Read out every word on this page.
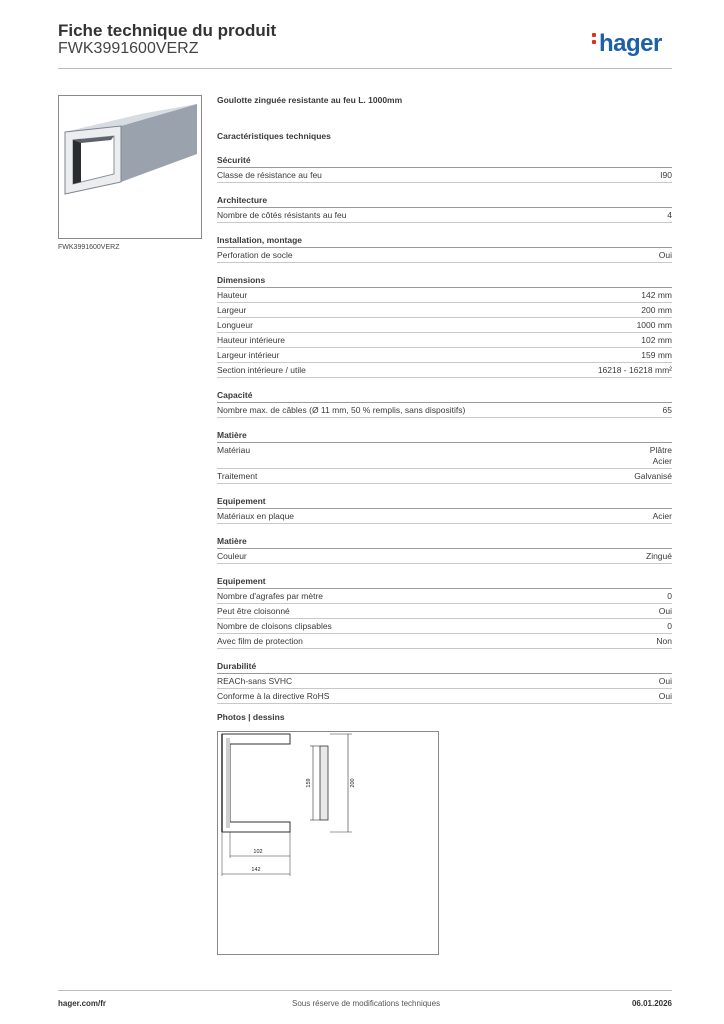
Fiche technique du produit
FWK3991600VERZ	hager
FWK3991600VERZ
Goulotte zinguée resistante au feu L. 1000mm
Caractéristiques techniques
Sécurité
Classe de résistance au feu	I90
Architecture
Nombre de côtés résistants au feu	4
Installation, montage
Perforation de socle	Oui
Dimensions
Hauteur	142 mm
Largeur	200 mm
Longueur	1000 mm
Hauteur intérieure	102 mm
Largeur intérieur	159 mm
Section intérieure / utile	16218 - 16218 mm²
Capacité
Nombre max. de câbles (Ø 11 mm, 50 % remplis, sans dispositifs)	65
Matière
Matériau	Plâtre
Acier
Traitement	Galvanisé
Equipement
Matériaux en plaque	Acier
Matière
Couleur	Zingué
Equipement
Nombre d'agrafes par mètre	0
Peut être cloisonné	Oui
Nombre de cloisons clipsables	0
Avec film de protection	Non
Durabilité
REACh-sans SVHC	Oui
Conforme à la directive RoHS	Oui
Photos | dessins
159	200
102
142
hager.com/fr	Sous réserve de modifications techniques	06.01.2026
